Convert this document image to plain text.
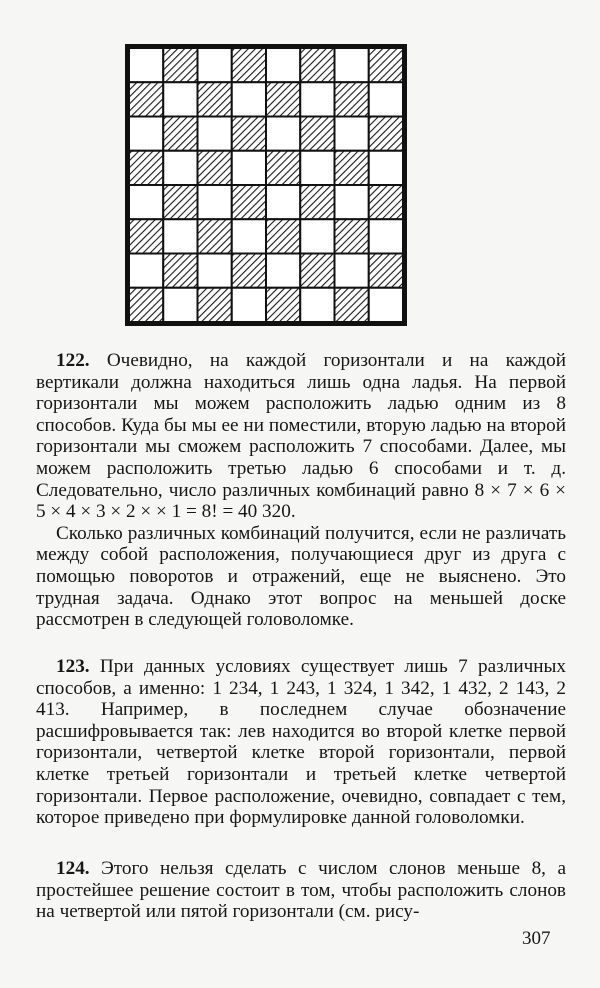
122. Очевидно, на каждой горизонтали и на каждой вертикали должна находиться лишь одна ладья. На первой горизонтали мы можем расположить ладью одним из 8 способов. Куда бы мы ее ни поместили, вторую ладью на второй горизонтали мы сможем расположить 7 способами. Далее, мы можем расположить третью ладью 6 способами и т. д. Следовательно, число различных комбинаций равно 8 × 7 × 6 × 5 × 4 × 3 × 2 × × 1 = 8! = 40 320.

Сколько различных комбинаций получится, если не различать между собой расположения, получающиеся друг из друга с помощью поворотов и отражений, еще не выяснено. Это трудная задача. Однако этот вопрос на меньшей доске рассмотрен в следующей головоломке.

123. При данных условиях существует лишь 7 различных способов, а именно: 1 234, 1 243, 1 324, 1 342, 1 432, 2 143, 2 413. Например, в последнем случае обозначение расшифровывается так: лев находится во второй клетке первой горизонтали, четвертой клетке второй горизонтали, первой клетке третьей горизонтали и третьей клетке четвертой горизонтали. Первое расположение, очевидно, совпадает с тем, которое приведено при формулировке данной головоломки.

124. Этого нельзя сделать с числом слонов меньше 8, а простейшее решение состоит в том, чтобы расположить слонов на четвертой или пятой горизонтали (см. рису-

307
